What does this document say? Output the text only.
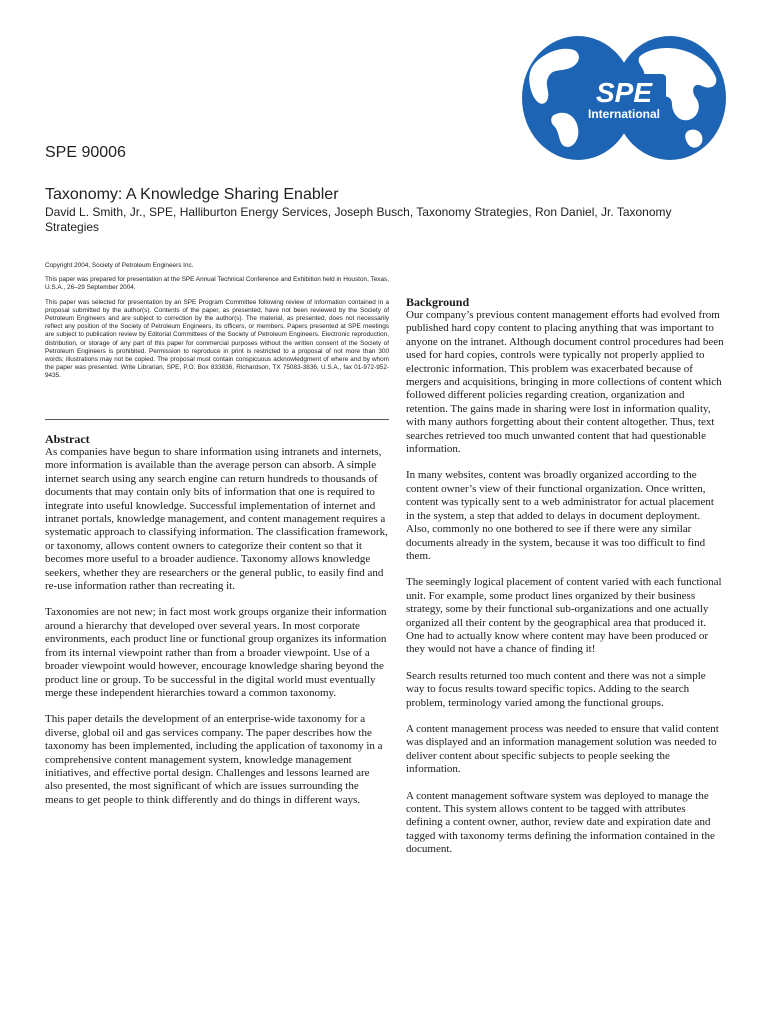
SPE
International
SPE 90006
Taxonomy: A Knowledge Sharing Enabler

David L. Smith, Jr., SPE, Halliburton Energy Services, Joseph Busch, Taxonomy Strategies, Ron Daniel, Jr. Taxonomy Strategies

Copyright 2004, Society of Petroleum Engineers Inc.

This paper was prepared for presentation at the SPE Annual Technical Conference and Exhibition held in Houston, Texas, U.S.A., 26–29 September 2004.

This paper was selected for presentation by an SPE Program Committee following review of information contained in a proposal submitted by the author(s). Contents of the paper, as presented, have not been reviewed by the Society of Petroleum Engineers and are subject to correction by the author(s). The material, as presented, does not necessarily reflect any position of the Society of Petroleum Engineers, its officers, or members. Papers presented at SPE meetings are subject to publication review by Editorial Committees of the Society of Petroleum Engineers. Electronic reproduction, distribution, or storage of any part of this paper for commercial purposes without the written consent of the Society of Petroleum Engineers is prohibited. Permission to reproduce in print is restricted to a proposal of not more than 300 words; illustrations may not be copied. The proposal must contain conspicuous acknowledgment of where and by whom the paper was presented. Write Librarian, SPE, P.O. Box 833836, Richardson, TX 75083-3836, U.S.A., fax 01-972-952-9435.

Abstract

As companies have begun to share information using intranets and internets, more information is available than the average person can absorb. A simple internet search using any search engine can return hundreds to thousands of documents that may contain only bits of information that one is required to integrate into useful knowledge. Successful implementation of internet and intranet portals, knowledge management, and content management requires a systematic approach to classifying information. The classification framework, or taxonomy, allows content owners to categorize their content so that it becomes more useful to a broader audience. Taxonomy allows knowledge seekers, whether they are researchers or the general public, to easily find and re-use information rather than recreating it.

Taxonomies are not new; in fact most work groups organize their information around a hierarchy that developed over several years. In most corporate environments, each product line or functional group organizes its information from its internal viewpoint rather than from a broader viewpoint. Use of a broader viewpoint would however, encourage knowledge sharing beyond the product line or group. To be successful in the digital world must eventually merge these independent hierarchies toward a common taxonomy.

This paper details the development of an enterprise-wide taxonomy for a diverse, global oil and gas services company. The paper describes how the taxonomy has been implemented, including the application of taxonomy in a comprehensive content management system, knowledge management initiatives, and effective portal design. Challenges and lessons learned are also presented, the most significant of which are issues surrounding the means to get people to think differently and do things in different ways.

Background

Our company’s previous content management efforts had evolved from published hard copy content to placing anything that was important to anyone on the intranet. Although document control procedures had been used for hard copies, controls were typically not properly applied to electronic information. This problem was exacerbated because of mergers and acquisitions, bringing in more collections of content which followed different policies regarding creation, organization and retention. The gains made in sharing were lost in information quality, with many authors forgetting about their content altogether. Thus, text searches retrieved too much unwanted content that had questionable information.

In many websites, content was broadly organized according to the content owner’s view of their functional organization. Once written, content was typically sent to a web administrator for actual placement in the system, a step that added to delays in document deployment. Also, commonly no one bothered to see if there were any similar documents already in the system, because it was too difficult to find them.

The seemingly logical placement of content varied with each functional unit. For example, some product lines organized by their business strategy, some by their functional sub-organizations and one actually organized all their content by the geographical area that produced it. One had to actually know where content may have been produced or they would not have a chance of finding it!

Search results returned too much content and there was not a simple way to focus results toward specific topics. Adding to the search problem, terminology varied among the functional groups.

A content management process was needed to ensure that valid content was displayed and an information management solution was needed to deliver content about specific subjects to people seeking the information.

A content management software system was deployed to manage the content. This system allows content to be tagged with attributes defining a content owner, author, review date and expiration date and tagged with taxonomy terms defining the information contained in the document.
